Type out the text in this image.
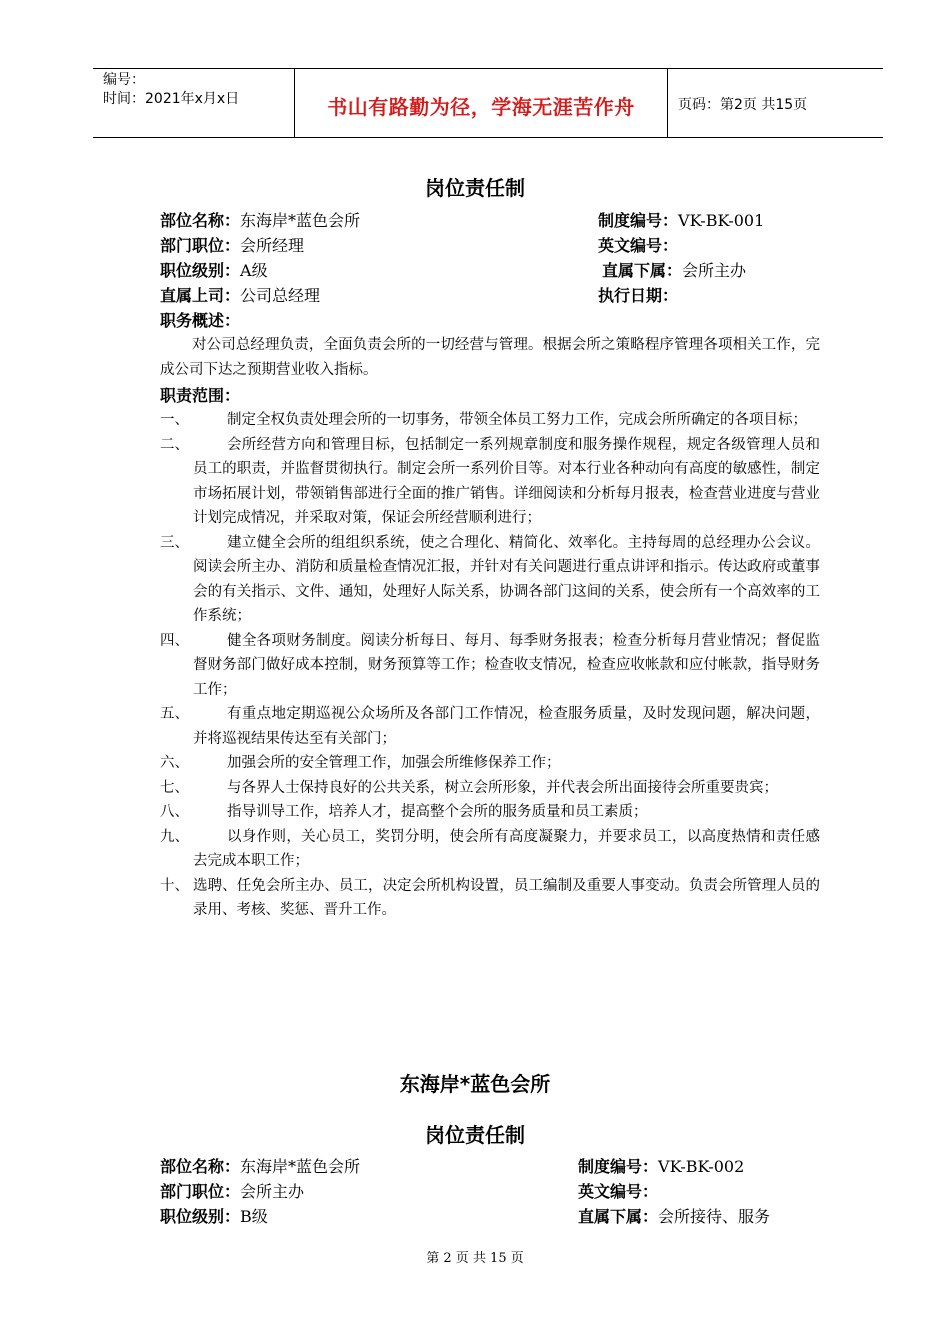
编号：
时间：2021年x月x日	书山有路勤为径，学海无涯苦作舟	页码：第2页 共15页
岗位责任制
部位名称：东海岸*蓝色会所	制度编号：VK-BK-001
部门职位：会所经理	英文编号：
职位级别：A级	直属下属：会所主办
直属上司：公司总经理	执行日期：
职务概述：
对公司总经理负责，全面负责会所的一切经营与管理。根据会所之策略程序管理各项相关工作，完成公司下达之预期营业收入指标。
职责范围：
一、	制定全权负责处理会所的一切事务，带领全体员工努力工作，完成会所所确定的各项目标；
二、	会所经营方向和管理目标，包括制定一系列规章制度和服务操作规程，规定各级管理人员和员工的职责，并监督贯彻执行。制定会所一系列价目等。对本行业各种动向有高度的敏感性，制定市场拓展计划，带领销售部进行全面的推广销售。详细阅读和分析每月报表，检查营业进度与营业计划完成情况，并采取对策，保证会所经营顺利进行；
三、	建立健全会所的组组织系统，使之合理化、精简化、效率化。主持每周的总经理办公会议。阅读会所主办、消防和质量检查情况汇报，并针对有关问题进行重点讲评和指示。传达政府或董事会的有关指示、文件、通知，处理好人际关系，协调各部门这间的关系，使会所有一个高效率的工作系统；
四、	健全各项财务制度。阅读分析每日、每月、每季财务报表；检查分析每月营业情况；督促监督财务部门做好成本控制，财务预算等工作；检查收支情况，检查应收帐款和应付帐款，指导财务工作；
五、	有重点地定期巡视公众场所及各部门工作情况，检查服务质量，及时发现问题，解决问题，并将巡视结果传达至有关部门；
六、	加强会所的安全管理工作，加强会所维修保养工作；
七、	与各界人士保持良好的公共关系，树立会所形象，并代表会所出面接待会所重要贵宾；
八、	指导训导工作，培养人才，提高整个会所的服务质量和员工素质；
九、	以身作则，关心员工，奖罚分明，使会所有高度凝聚力，并要求员工，以高度热情和责任感去完成本职工作；
十、 选聘、任免会所主办、员工，决定会所机构设置，员工编制及重要人事变动。负责会所管理人员的录用、考核、奖惩、晋升工作。
东海岸*蓝色会所
岗位责任制
部位名称：东海岸*蓝色会所	制度编号：VK-BK-002
部门职位：会所主办	英文编号：
职位级别：B级	直属下属：会所接待、服务
第 2 页 共 15 页
